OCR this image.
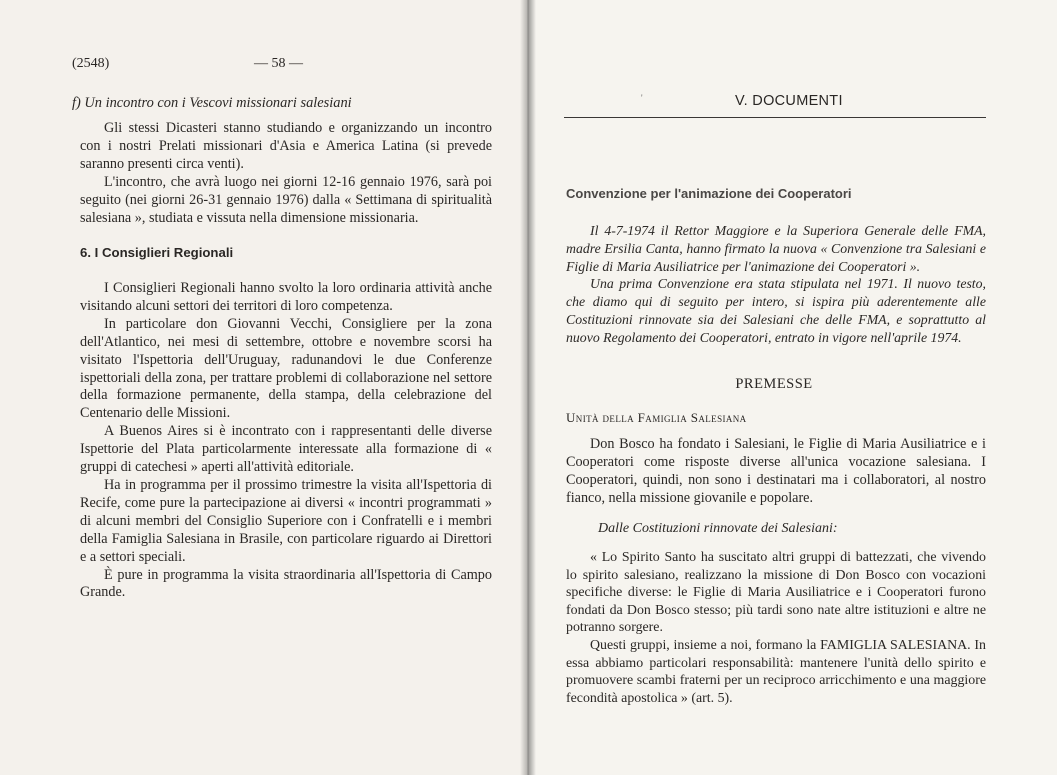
(2548)	— 58 —
f) Un incontro con i Vescovi missionari salesiani

Gli stessi Dicasteri stanno studiando e organizzando un incontro con i nostri Prelati missionari d'Asia e America Latina (si prevede saranno presenti circa venti).

L'incontro, che avrà luogo nei giorni 12-16 gennaio 1976, sarà poi seguito (nei giorni 26-31 gennaio 1976) dalla « Settimana di spiritualità salesiana », studiata e vissuta nella dimensione missionaria.

6. I Consiglieri Regionali

I Consiglieri Regionali hanno svolto la loro ordinaria attività anche visitando alcuni settori dei territori di loro competenza.

In particolare don Giovanni Vecchi, Consigliere per la zona dell'Atlantico, nei mesi di settembre, ottobre e novembre scorsi ha visitato l'Ispettoria dell'Uruguay, radunandovi le due Conferenze ispettoriali della zona, per trattare problemi di collaborazione nel settore della formazione permanente, della stampa, della celebrazione del Centenario delle Missioni.

A Buenos Aires si è incontrato con i rappresentanti delle diverse Ispettorie del Plata particolarmente interessate alla formazione di « gruppi di catechesi » aperti all'attività editoriale.

Ha in programma per il prossimo trimestre la visita all'Ispettoria di Recife, come pure la partecipazione ai diversi « incontri programmati » di alcuni membri del Consiglio Superiore con i Confratelli e i membri della Famiglia Salesiana in Brasile, con particolare riguardo ai Direttori e a settori speciali.

È pure in programma la visita straordinaria all'Ispettoria di Campo Grande.

'	V. DOCUMENTI
Convenzione per l'animazione dei Cooperatori

Il 4-7-1974 il Rettor Maggiore e la Superiora Generale delle FMA, madre Ersilia Canta, hanno firmato la nuova « Convenzione tra Salesiani e Figlie di Maria Ausiliatrice per l'animazione dei Cooperatori ».

Una prima Convenzione era stata stipulata nel 1971. Il nuovo testo, che diamo qui di seguito per intero, si ispira più aderentemente alle Costituzioni rinnovate sia dei Salesiani che delle FMA, e soprattutto al nuovo Regolamento dei Cooperatori, entrato in vigore nell'aprile 1974.

PREMESSE
Unità della Famiglia Salesiana

Don Bosco ha fondato i Salesiani, le Figlie di Maria Ausiliatrice e i Cooperatori come risposte diverse all'unica vocazione salesiana. I Cooperatori, quindi, non sono i destinatari ma i collaboratori, al nostro fianco, nella missione giovanile e popolare.

Dalle Costituzioni rinnovate dei Salesiani:

« Lo Spirito Santo ha suscitato altri gruppi di battezzati, che vivendo lo spirito salesiano, realizzano la missione di Don Bosco con vocazioni specifiche diverse: le Figlie di Maria Ausiliatrice e i Cooperatori furono fondati da Don Bosco stesso; più tardi sono nate altre istituzioni e altre ne potranno sorgere.

Questi gruppi, insieme a noi, formano la FAMIGLIA SALESIANA. In essa abbiamo particolari responsabilità: mantenere l'unità dello spirito e promuovere scambi fraterni per un reciproco arricchimento e una maggiore fecondità apostolica » (art. 5).
